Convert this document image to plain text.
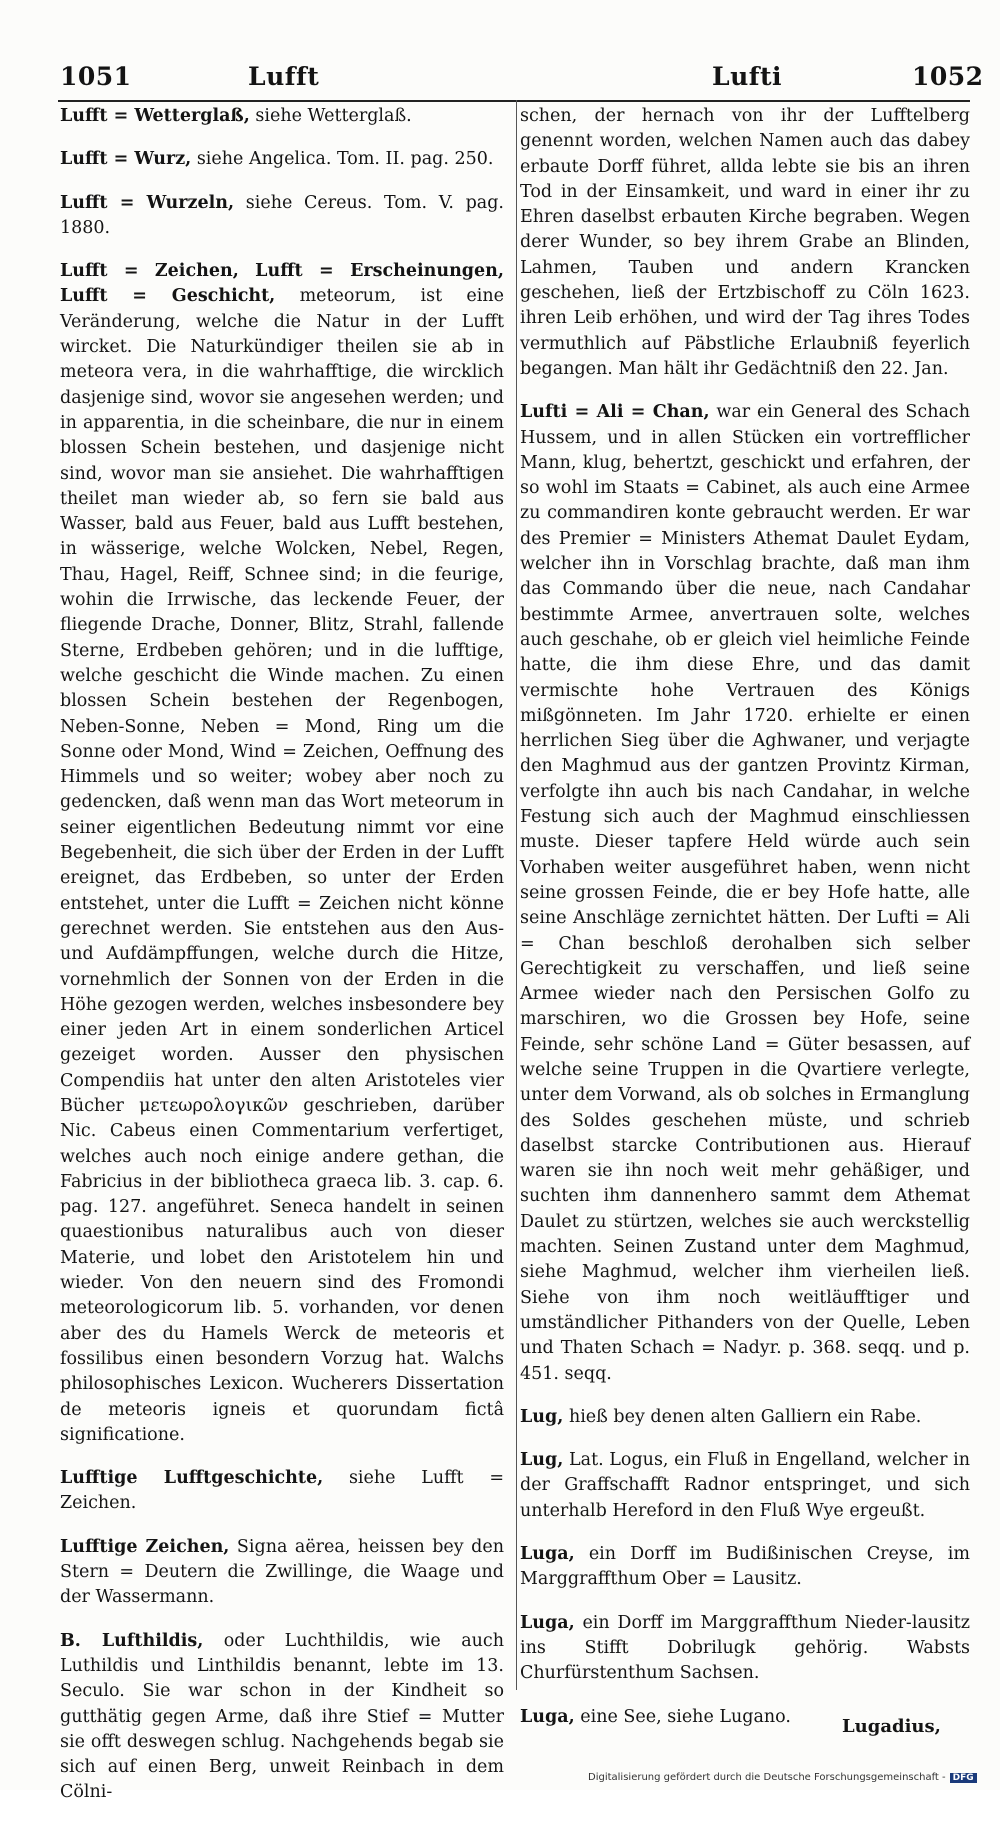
1051	Lufft	Lufti	1052

Lufft = Wetterglaß, siehe Wetterglaß.

Lufft = Wurz, siehe Angelica. Tom. II. pag. 250.

Lufft = Wurzeln, siehe Cereus. Tom. V. pag. 1880.

Lufft = Zeichen, Lufft = Erscheinungen, Lufft = Geschicht, meteorum, ist eine Veränderung, welche die Natur in der Lufft wircket. Die Naturkündiger theilen sie ab in meteora vera, in die wahrhafftige, die wircklich dasjenige sind, wovor sie angesehen werden; und in apparentia, in die scheinbare, die nur in einem blossen Schein bestehen, und dasjenige nicht sind, wovor man sie ansiehet. Die wahrhafftigen theilet man wieder ab, so fern sie bald aus Wasser, bald aus Feuer, bald aus Lufft bestehen, in wässerige, welche Wolcken, Nebel, Regen, Thau, Hagel, Reiff, Schnee sind; in die feurige, wohin die Irrwische, das leckende Feuer, der fliegende Drache, Donner, Blitz, Strahl, fallende Sterne, Erdbeben gehören; und in die lufftige, welche geschicht die Winde machen. Zu einen blossen Schein bestehen der Regenbogen, Neben-Sonne, Neben = Mond, Ring um die Sonne oder Mond, Wind = Zeichen, Oeffnung des Himmels und so weiter; wobey aber noch zu gedencken, daß wenn man das Wort meteorum in seiner eigentlichen Bedeutung nimmt vor eine Begebenheit, die sich über der Erden in der Lufft ereignet, das Erdbeben, so unter der Erden entstehet, unter die Lufft = Zeichen nicht könne gerechnet werden. Sie entstehen aus den Aus- und Aufdämpffungen, welche durch die Hitze, vornehmlich der Sonnen von der Erden in die Höhe gezogen werden, welches insbesondere bey einer jeden Art in einem sonderlichen Articel gezeiget worden. Ausser den physischen Compendiis hat unter den alten Aristoteles vier Bücher μετεωρολογικῶν geschrieben, darüber Nic. Cabeus einen Commentarium verfertiget, welches auch noch einige andere gethan, die Fabricius in der bibliotheca graeca lib. 3. cap. 6. pag. 127. angeführet. Seneca handelt in seinen quaestionibus naturalibus auch von dieser Materie, und lobet den Aristotelem hin und wieder. Von den neuern sind des Fromondi meteorologicorum lib. 5. vorhanden, vor denen aber des du Hamels Werck de meteoris et fossilibus einen besondern Vorzug hat. Walchs philosophisches Lexicon. Wucherers Dissertation de meteoris igneis et quorundam fictâ significatione.

Lufftige Lufftgeschichte, siehe Lufft = Zeichen.

Lufftige Zeichen, Signa aërea, heissen bey den Stern = Deutern die Zwillinge, die Waage und der Wassermann.

B. Lufthildis, oder Luchthildis, wie auch Luthildis und Linthildis benannt, lebte im 13. Seculo. Sie war schon in der Kindheit so gutthätig gegen Arme, daß ihre Stief = Mutter sie offt deswegen schlug. Nachgehends begab sie sich auf einen Berg, unweit Reinbach in dem Cölni-

schen, der hernach von ihr der Lufftelberg genennt worden, welchen Namen auch das dabey erbaute Dorff führet, allda lebte sie bis an ihren Tod in der Einsamkeit, und ward in einer ihr zu Ehren daselbst erbauten Kirche begraben. Wegen derer Wunder, so bey ihrem Grabe an Blinden, Lahmen, Tauben und andern Krancken geschehen, ließ der Ertzbischoff zu Cöln 1623. ihren Leib erhöhen, und wird der Tag ihres Todes vermuthlich auf Päbstliche Erlaubniß feyerlich begangen. Man hält ihr Gedächtniß den 22. Jan.

Lufti = Ali = Chan, war ein General des Schach Hussem, und in allen Stücken ein vortrefflicher Mann, klug, behertzt, geschickt und erfahren, der so wohl im Staats = Cabinet, als auch eine Armee zu commandiren konte gebraucht werden. Er war des Premier = Ministers Athemat Daulet Eydam, welcher ihn in Vorschlag brachte, daß man ihm das Commando über die neue, nach Candahar bestimmte Armee, anvertrauen solte, welches auch geschahe, ob er gleich viel heimliche Feinde hatte, die ihm diese Ehre, und das damit vermischte hohe Vertrauen des Königs mißgönneten. Im Jahr 1720. erhielte er einen herrlichen Sieg über die Aghwaner, und verjagte den Maghmud aus der gantzen Provintz Kirman, verfolgte ihn auch bis nach Candahar, in welche Festung sich auch der Maghmud einschliessen muste. Dieser tapfere Held würde auch sein Vorhaben weiter ausgeführet haben, wenn nicht seine grossen Feinde, die er bey Hofe hatte, alle seine Anschläge zernichtet hätten. Der Lufti = Ali = Chan beschloß derohalben sich selber Gerechtigkeit zu verschaffen, und ließ seine Armee wieder nach den Persischen Golfo zu marschiren, wo die Grossen bey Hofe, seine Feinde, sehr schöne Land = Güter besassen, auf welche seine Truppen in die Qvartiere verlegte, unter dem Vorwand, als ob solches in Ermanglung des Soldes geschehen müste, und schrieb daselbst starcke Contributionen aus. Hierauf waren sie ihn noch weit mehr gehäßiger, und suchten ihm dannenhero sammt dem Athemat Daulet zu stürtzen, welches sie auch werckstellig machten. Seinen Zustand unter dem Maghmud, siehe Maghmud, welcher ihm vierheilen ließ. Siehe von ihm noch weitläufftiger und umständlicher Pithanders von der Quelle, Leben und Thaten Schach = Nadyr. p. 368. seqq. und p. 451. seqq.

Lug, hieß bey denen alten Galliern ein Rabe.

Lug, Lat. Logus, ein Fluß in Engelland, welcher in der Graffschafft Radnor entspringet, und sich unterhalb Hereford in den Fluß Wye ergeußt.

Luga, ein Dorff im Budißinischen Creyse, im Marggraffthum Ober = Lausitz.

Luga, ein Dorff im Marggraffthum Nieder-lausitz ins Stifft Dobrilugk gehörig. Wabsts Churfürstenthum Sachsen.

Luga, eine See, siehe Lugano.	Lugadius,
Digitalisierung gefördert durch die Deutsche Forschungsgemeinschaft - DFG
